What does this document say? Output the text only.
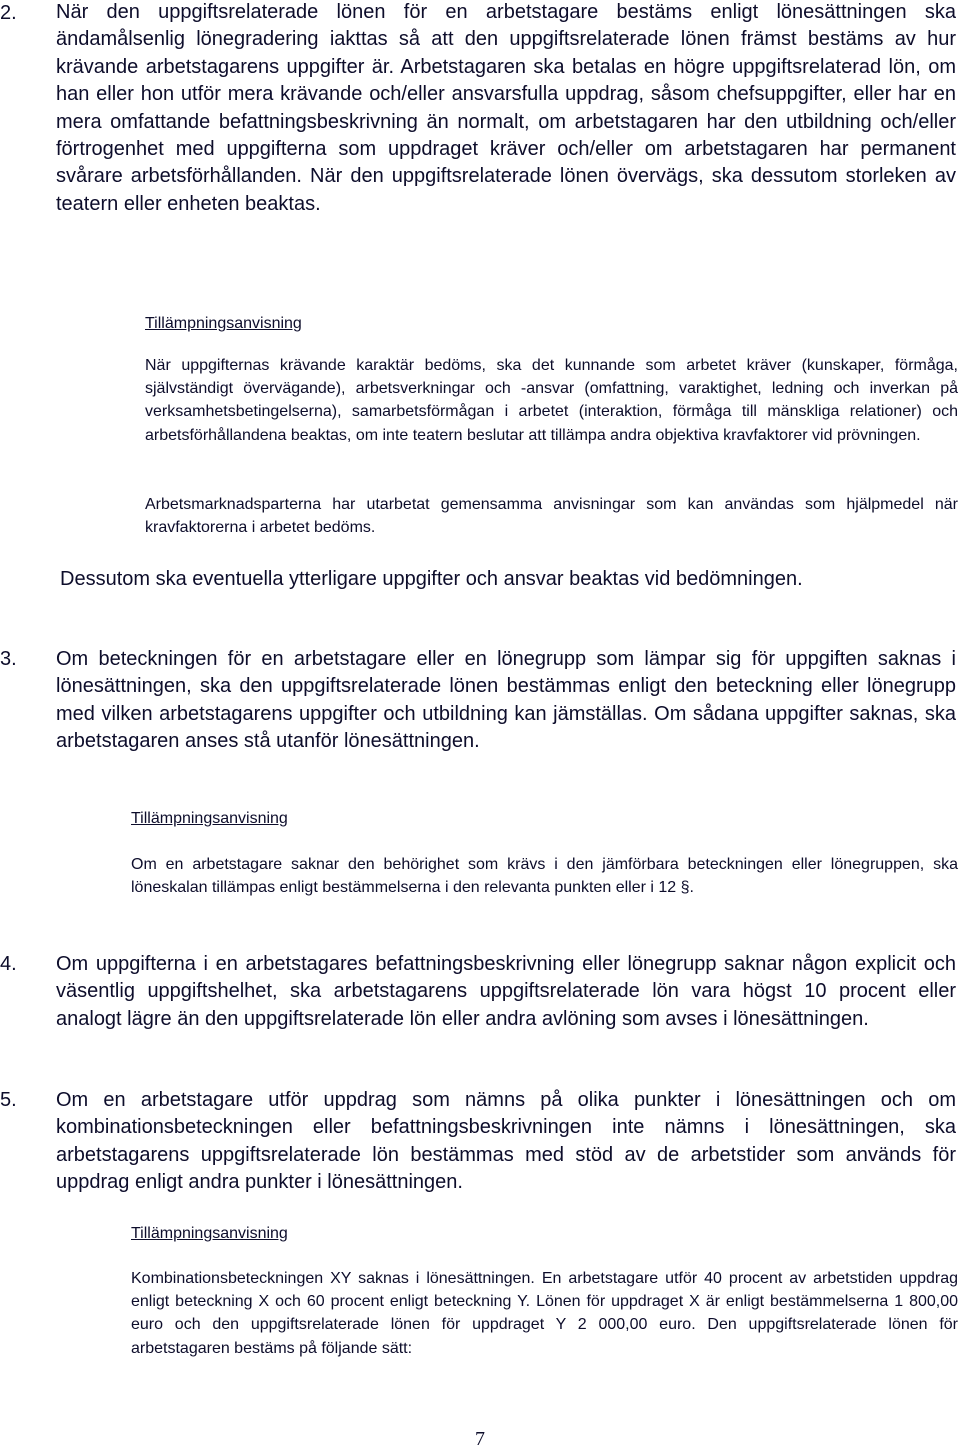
2. När den uppgiftsrelaterade lönen för en arbetstagare bestäms enligt lönesättningen ska ändamålsenlig lönegradering iakttas så att den uppgiftsrelaterade lönen främst bestäms av hur krävande arbetstagarens uppgifter är. Arbetstagaren ska betalas en högre uppgiftsrelaterad lön, om han eller hon utför mera krävande och/eller ansvarsfulla uppdrag, såsom chefsuppgifter, eller har en mera omfattande befattningsbeskrivning än normalt, om arbetstagaren har den utbildning och/eller förtrogenhet med uppgifterna som uppdraget kräver och/eller om arbetstagaren har permanent svårare arbetsförhållanden. När den uppgiftsrelaterade lönen övervägs, ska dessutom storleken av teatern eller enheten beaktas.

Tillämpningsanvisning

När uppgifternas krävande karaktär bedöms, ska det kunnande som arbetet kräver (kunskaper, förmåga, självständigt övervägande), arbetsverkningar och -ansvar (omfattning, varaktighet, ledning och inverkan på verksamhetsbetingelserna), samarbetsförmågan i arbetet (interaktion, förmåga till mänskliga relationer) och arbetsförhållandena beaktas, om inte teatern beslutar att tillämpa andra objektiva kravfaktorer vid prövningen.

Arbetsmarknadsparterna har utarbetat gemensamma anvisningar som kan användas som hjälpmedel när kravfaktorerna i arbetet bedöms.

Dessutom ska eventuella ytterligare uppgifter och ansvar beaktas vid bedömningen.

3. Om beteckningen för en arbetstagare eller en lönegrupp som lämpar sig för uppgiften saknas i lönesättningen, ska den uppgiftsrelaterade lönen bestämmas enligt den beteckning eller lönegrupp med vilken arbetstagarens uppgifter och utbildning kan jämställas. Om sådana uppgifter saknas, ska arbetstagaren anses stå utanför lönesättningen.

Tillämpningsanvisning

Om en arbetstagare saknar den behörighet som krävs i den jämförbara beteckningen eller lönegruppen, ska löneskalan tillämpas enligt bestämmelserna i den relevanta punkten eller i 12 §.

4. Om uppgifterna i en arbetstagares befattningsbeskrivning eller lönegrupp saknar någon explicit och väsentlig uppgiftshelhet, ska arbetstagarens uppgiftsrelaterade lön vara högst 10 procent eller analogt lägre än den uppgiftsrelaterade lön eller andra avlöning som avses i lönesättningen.

5. Om en arbetstagare utför uppdrag som nämns på olika punkter i lönesättningen och om kombinationsbeteckningen eller befattningsbeskrivningen inte nämns i lönesättningen, ska arbetstagarens uppgiftsrelaterade lön bestämmas med stöd av de arbetstider som används för uppdrag enligt andra punkter i lönesättningen.

Tillämpningsanvisning

Kombinationsbeteckningen XY saknas i lönesättningen. En arbetstagare utför 40 procent av arbetstiden uppdrag enligt beteckning X och 60 procent enligt beteckning Y. Lönen för uppdraget X är enligt bestämmelserna 1 800,00 euro och den uppgiftsrelaterade lönen för uppdraget Y 2 000,00 euro. Den uppgiftsrelaterade lönen för arbetstagaren bestäms på följande sätt:

7
